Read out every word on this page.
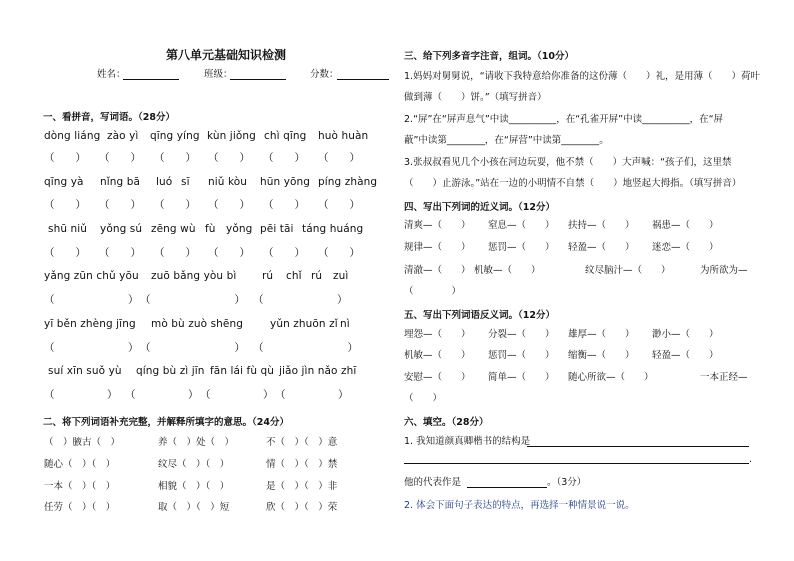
第八单元基础知识检测
姓名：	班级：	分数：
一、看拼音，写词语。（28分）
dòng liáng zào yì qīng yíng kùn jiǒng chì qīng huò huàn
（　　） （　　） （　　） （　　） （　　） （　　）
qīng yà nǐng bā luó sī niǔ kòu hūn yōng píng zhàng
（　　） （　　） （　　） （　　） （　　） （　　）
shū niǔ yǒng sú zēng wù fù yǒng pēi tāi táng huáng
（　　） （　　） （　　） （　　） （　　） （　　）
yǎng zūn chǔ yōu zuō bǎng yòu bì rú chǐ rú zuì
（　　　　　　　） （　　　　　　　　） （　　　　　　　）
yī běn zhèng jīng mò bù zuò shēng	yǔn zhuōn zǐ nì
（　　　　　　　） （　　　　　　　　） （　　　　　　　　）
suí xīn suǒ yù qíng bù zì jīn fān lái fù qù jiǎo jìn nǎo zhī
（　　　　　） （　　　　　） （　　　　　） （　　　　　）
二、将下列词语补充完整，并解释所填字的意思。（24分）
（　）腋古（　）	养（　）处（　）	不（　）（　）意
随心（　）（　）	纹尽（　）（　）	情（　）（　）禁
一本（　）（　）	相貌（　）（　）	是（　）（　）非
任劳（　）（　）	取（　）（　）短	欣（　）（　）荣
三、给下列多音字注音，组词。（10分）
1.妈妈对舅舅说，“请收下我特意给你准备的这份薄（　　）礼，是用薄（　　）荷叶
做到薄（　　）饼。”（填写拼音）
2.“屏”在“屏声息气”中读__________，在“孔雀开屏”中读__________，在“屏
蔽”中读第________，在“屏营”中读第________。
3.张叔叔看见几个小孩在河边玩耍，他不禁（　　）大声喊：“孩子们，这里禁
（　　）止游泳。”站在一边的小明情不自禁（　　）地竖起大拇指。（填写拼音）
四、写出下列词的近义词。（12分）
清爽—（　　） 窒息—（　　） 扶持—（　　） 祸患—（　　）
规律—（　　） 惩罚—（　　） 轻盈—（　　） 迷恋—（　　）
清澈—（　　） 机敏—（　　）	纹尽脑汁—（　　）	为所欲为—
（　　　　）
五、写出下列词语反义词。（12分）
埋怨—（　　） 分裂—（　　） 雄厚—（　　） 渺小—（　　）
机敏—（　　） 惩罚—（　　） 缩衡—（　　） 轻盈—（　　）
安慰—（　　） 简单—（　　） 随心所欲—（　　）	一本正经—
（　　）
六、填空。（28分）
1. 我知道颜真卿楷书的结构是
.
他的代表作是	。（3分）
2. 体会下面句子表达的特点，再选择一种情景说一说。
